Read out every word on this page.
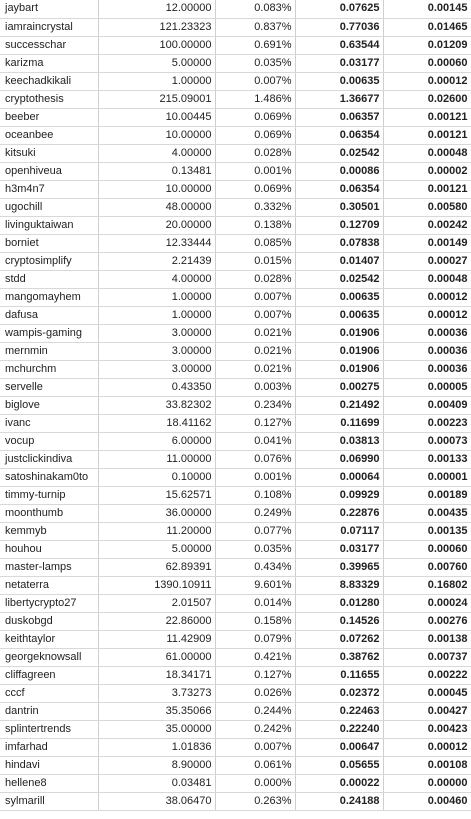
jaybart	12.00000	0.083%	0.07625	0.00145
iamraincrystal	121.23323	0.837%	0.77036	0.01465
successchar	100.00000	0.691%	0.63544	0.01209
karizma	5.00000	0.035%	0.03177	0.00060
keechadkikali	1.00000	0.007%	0.00635	0.00012
cryptothesis	215.09001	1.486%	1.36677	0.02600
beeber	10.00445	0.069%	0.06357	0.00121
oceanbee	10.00000	0.069%	0.06354	0.00121
kitsuki	4.00000	0.028%	0.02542	0.00048
openhiveua	0.13481	0.001%	0.00086	0.00002
h3m4n7	10.00000	0.069%	0.06354	0.00121
ugochill	48.00000	0.332%	0.30501	0.00580
livinguktaiwan	20.00000	0.138%	0.12709	0.00242
borniet	12.33444	0.085%	0.07838	0.00149
cryptosimplify	2.21439	0.015%	0.01407	0.00027
stdd	4.00000	0.028%	0.02542	0.00048
mangomayhem	1.00000	0.007%	0.00635	0.00012
dafusa	1.00000	0.007%	0.00635	0.00012
wampis-gaming	3.00000	0.021%	0.01906	0.00036
mernmin	3.00000	0.021%	0.01906	0.00036
mchurchm	3.00000	0.021%	0.01906	0.00036
servelle	0.43350	0.003%	0.00275	0.00005
biglove	33.82302	0.234%	0.21492	0.00409
ivanc	18.41162	0.127%	0.11699	0.00223
vocup	6.00000	0.041%	0.03813	0.00073
justclickindiva	11.00000	0.076%	0.06990	0.00133
satoshinakam0to	0.10000	0.001%	0.00064	0.00001
timmy-turnip	15.62571	0.108%	0.09929	0.00189
moonthumb	36.00000	0.249%	0.22876	0.00435
kemmyb	11.20000	0.077%	0.07117	0.00135
houhou	5.00000	0.035%	0.03177	0.00060
master-lamps	62.89391	0.434%	0.39965	0.00760
netaterra	1390.10911	9.601%	8.83329	0.16802
libertycrypto27	2.01507	0.014%	0.01280	0.00024
duskobgd	22.86000	0.158%	0.14526	0.00276
keithtaylor	11.42909	0.079%	0.07262	0.00138
georgeknowsall	61.00000	0.421%	0.38762	0.00737
cliffagreen	18.34171	0.127%	0.11655	0.00222
cccf	3.73273	0.026%	0.02372	0.00045
dantrin	35.35066	0.244%	0.22463	0.00427
splintertrends	35.00000	0.242%	0.22240	0.00423
imfarhad	1.01836	0.007%	0.00647	0.00012
hindavi	8.90000	0.061%	0.05655	0.00108
hellene8	0.03481	0.000%	0.00022	0.00000
sylmarill	38.06470	0.263%	0.24188	0.00460
